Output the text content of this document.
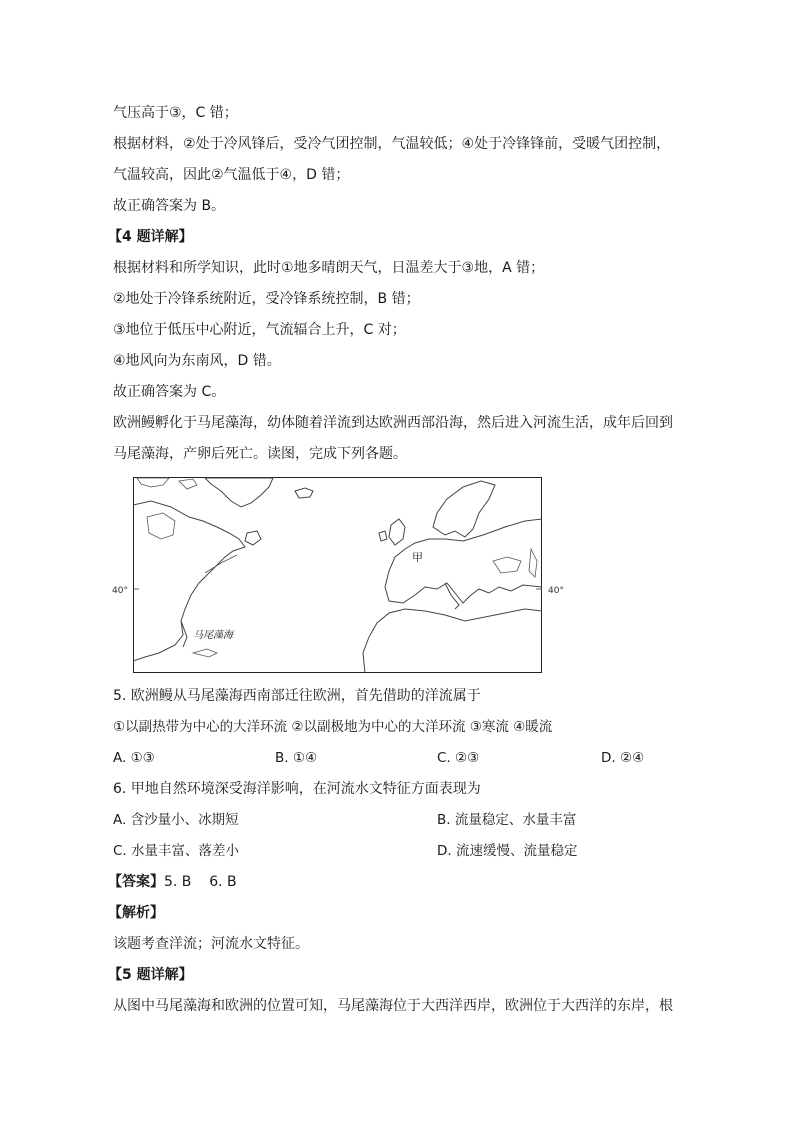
气压高于③，C 错；
根据材料，②处于冷风锋后，受冷气团控制，气温较低；④处于冷锋锋前，受暖气团控制，
气温较高，因此②气温低于④，D 错；
故正确答案为 B。
【4 题详解】
根据材料和所学知识，此时①地多晴朗天气，日温差大于③地，A 错；
②地处于冷锋系统附近，受冷锋系统控制，B 错；
③地位于低压中心附近，气流辐合上升，C 对；
④地风向为东南风，D 错。
故正确答案为 C。
欧洲鳗孵化于马尾藻海，幼体随着洋流到达欧洲西部沿海，然后进入河流生活，成年后回到
马尾藻海，产卵后死亡。读图，完成下列各题。
40°	40°
甲
马尾藻海
5. 欧洲鳗从马尾藻海西南部迁往欧洲，首先借助的洋流属于
①以副热带为中心的大洋环流 ②以副极地为中心的大洋环流 ③寒流 ④暖流
A. ①③	B. ①④	C. ②③	D. ②④
6. 甲地自然环境深受海洋影响，在河流水文特征方面表现为
A. 含沙量小、冰期短	B. 流量稳定、水量丰富
C. 水量丰富、落差小	D. 流速缓慢、流量稳定
【答案】5. B    6. B
【解析】
该题考查洋流；河流水文特征。
【5 题详解】
从图中马尾藻海和欧洲的位置可知，马尾藻海位于大西洋西岸，欧洲位于大西洋的东岸，根
